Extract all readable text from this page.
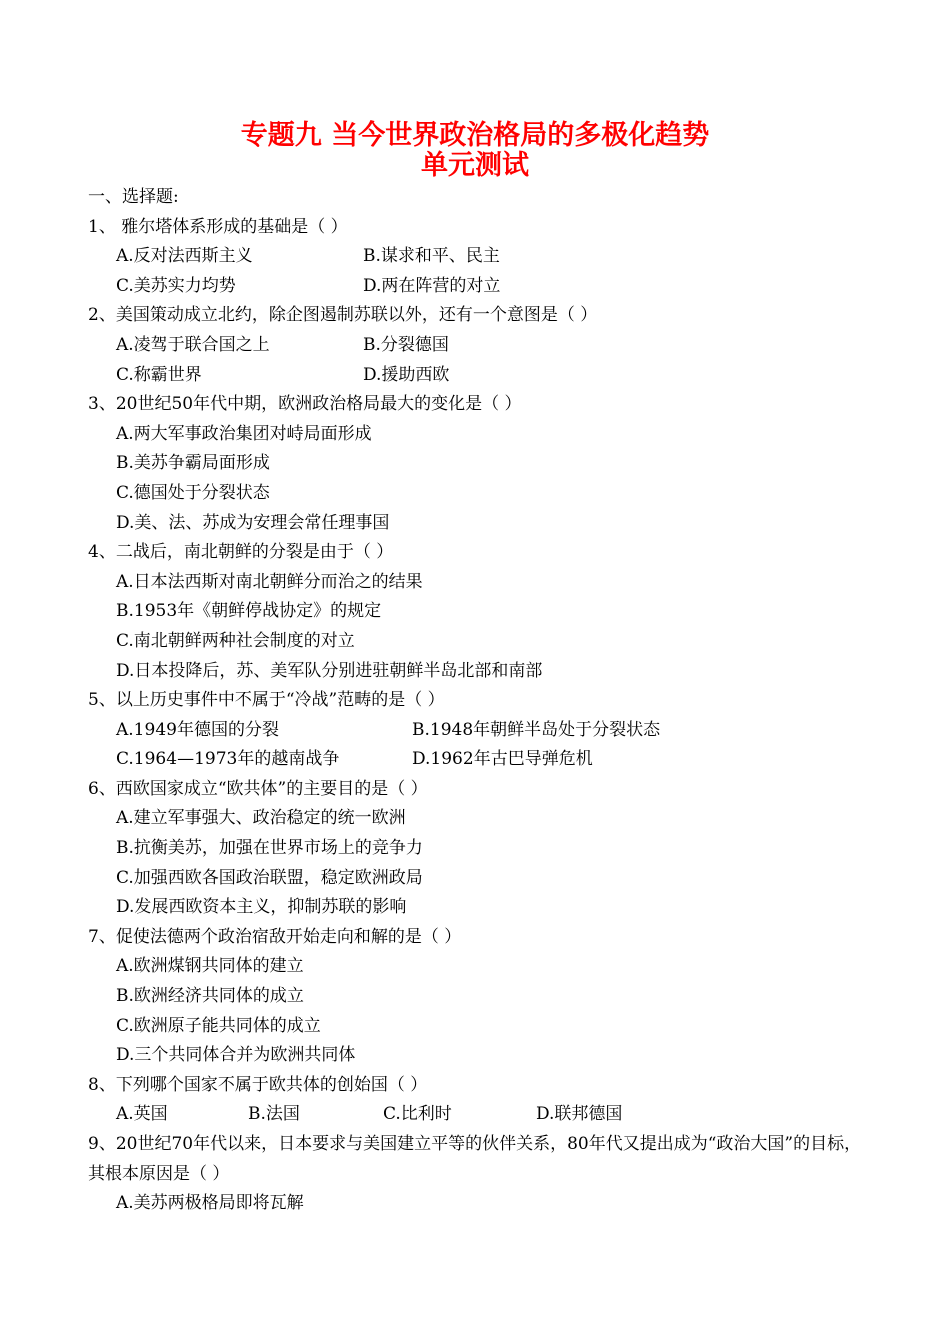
专题九 当今世界政治格局的多极化趋势
单元测试
一、选择题:
1、 雅尔塔体系形成的基础是（ ）
A.反对法西斯主义	B.谋求和平、民主
C.美苏实力均势	D.两在阵营的对立
2、美国策动成立北约，除企图遏制苏联以外，还有一个意图是（ ）
A.凌驾于联合国之上	B.分裂德国
C.称霸世界	D.援助西欧
3、20世纪50年代中期，欧洲政治格局最大的变化是（ ）
A.两大军事政治集团对峙局面形成
B.美苏争霸局面形成
C.德国处于分裂状态
D.美、法、苏成为安理会常任理事国
4、二战后，南北朝鲜的分裂是由于（ ）
A.日本法西斯对南北朝鲜分而治之的结果
B.1953年《朝鲜停战协定》的规定
C.南北朝鲜两种社会制度的对立
D.日本投降后，苏、美军队分别进驻朝鲜半岛北部和南部
5、以上历史事件中不属于“冷战”范畴的是（ ）
A.1949年德国的分裂	B.1948年朝鲜半岛处于分裂状态
C.1964—1973年的越南战争	D.1962年古巴导弹危机
6、西欧国家成立“欧共体”的主要目的是（ ）
A.建立军事强大、政治稳定的统一欧洲
B.抗衡美苏，加强在世界市场上的竞争力
C.加强西欧各国政治联盟，稳定欧洲政局
D.发展西欧资本主义，抑制苏联的影响
7、促使法德两个政治宿敌开始走向和解的是（ ）
A.欧洲煤钢共同体的建立
B.欧洲经济共同体的成立
C.欧洲原子能共同体的成立
D.三个共同体合并为欧洲共同体
8、下列哪个国家不属于欧共体的创始国（ ）
A.英国	B.法国	C.比利时	D.联邦德国
9、20世纪70年代以来，日本要求与美国建立平等的伙伴关系，80年代又提出成为“政治大国”的目标，其根本原因是（ ）
A.美苏两极格局即将瓦解
